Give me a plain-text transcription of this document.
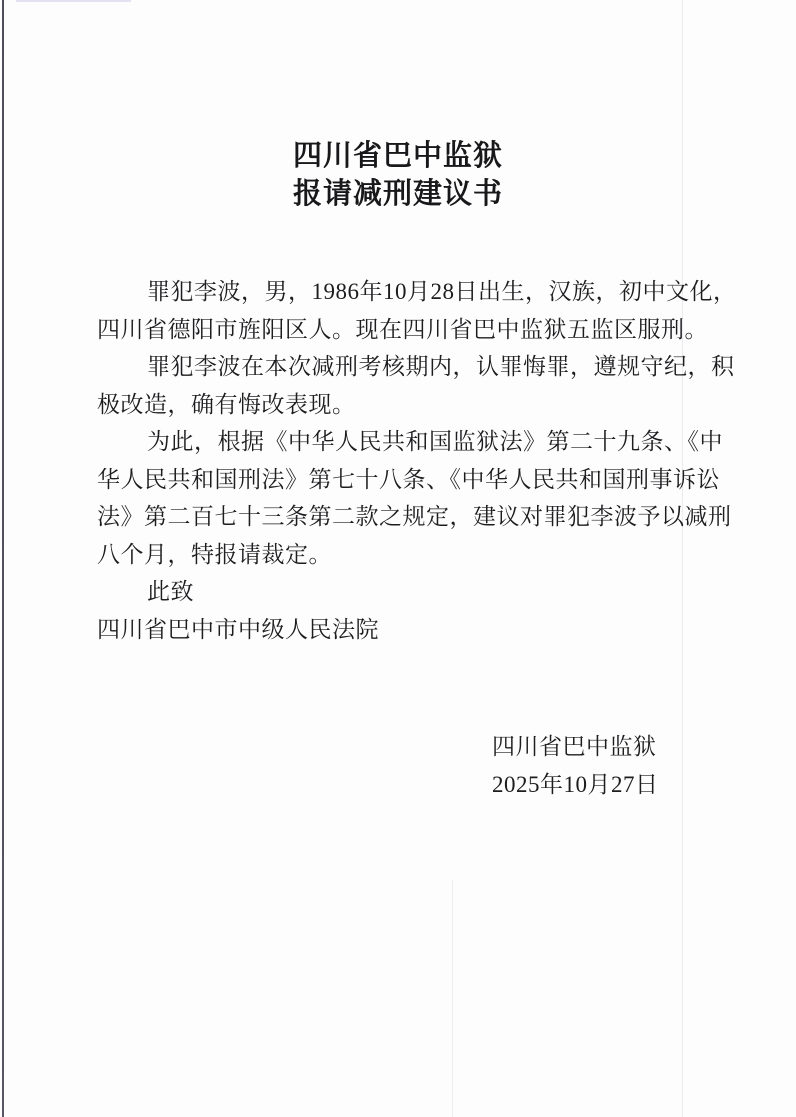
四川省巴中监狱
报请减刑建议书
罪犯李波，男，1986年10月28日出生，汉族，初中文化，
四川省德阳市旌阳区人。现在四川省巴中监狱五监区服刑。
罪犯李波在本次减刑考核期内，认罪悔罪，遵规守纪，积
极改造，确有悔改表现。
为此，根据《中华人民共和国监狱法》第二十九条、《中
华人民共和国刑法》第七十八条、《中华人民共和国刑事诉讼
法》第二百七十三条第二款之规定，建议对罪犯李波予以减刑
八个月，特报请裁定。
此致
四川省巴中市中级人民法院
四川省巴中监狱
2025年10月27日
